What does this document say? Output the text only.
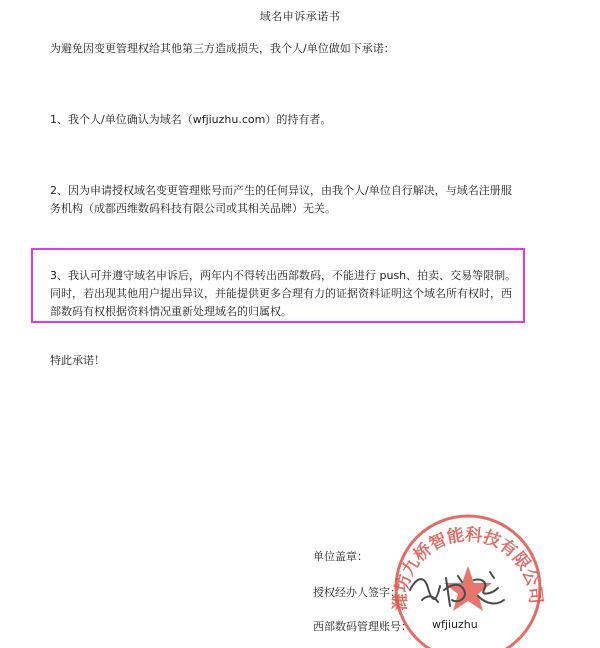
域名申诉承诺书
为避免因变更管理权给其他第三方造成损失，我个人/单位做如下承诺：
1、我个人/单位确认为域名（wfjiuzhu.com）的持有者。
2、因为申请授权域名变更管理账号而产生的任何异议，由我个人/单位自行解决，与域名注册服务机构（成都西维数码科技有限公司或其相关品牌）无关。
3、我认可并遵守域名申诉后，两年内不得转出西部数码，不能进行 push、拍卖、交易等限制。同时，若出现其他用户提出异议，并能提供更多合理有力的证据资料证明这个域名所有权时，西部数码有权根据资料情况重新处理域名的归属权。
特此承诺！
潍坊九桥智能科技有限公司
单位盖章：
授权经办人签字：
西部数码管理账号： wfjiuzhu
